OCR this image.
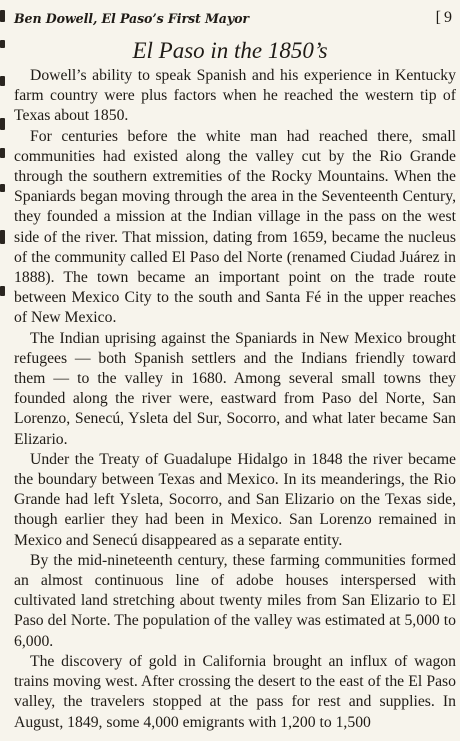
Ben Dowell, El Paso’s First Mayor	[ 9
El Paso in the 1850’s

Dowell’s ability to speak Spanish and his experience in Kentucky farm country were plus factors when he reached the western tip of Texas about 1850.

For centuries before the white man had reached there, small communities had existed along the valley cut by the Rio Grande through the southern extremities of the Rocky Mountains. When the Spaniards began moving through the area in the Seventeenth Century, they founded a mission at the Indian village in the pass on the west side of the river. That mission, dating from 1659, became the nucleus of the community called El Paso del Norte (renamed Ciudad Juárez in 1888). The town became an important point on the trade route between Mexico City to the south and Santa Fé in the upper reaches of New Mexico.

The Indian uprising against the Spaniards in New Mexico brought refugees — both Spanish settlers and the Indians friendly toward them — to the valley in 1680. Among several small towns they founded along the river were, eastward from Paso del Norte, San Lorenzo, Senecú, Ysleta del Sur, Socorro, and what later became San Elizario.

Under the Treaty of Guadalupe Hidalgo in 1848 the river became the boundary between Texas and Mexico. In its meanderings, the Rio Grande had left Ysleta, Socorro, and San Elizario on the Texas side, though earlier they had been in Mexico. San Lorenzo remained in Mexico and Senecú disappeared as a separate entity.

By the mid-nineteenth century, these farming communities formed an almost continuous line of adobe houses interspersed with cultivated land stretching about twenty miles from San Elizario to El Paso del Norte. The population of the valley was estimated at 5,000 to 6,000.

The discovery of gold in California brought an influx of wagon trains moving west. After crossing the desert to the east of the El Paso valley, the travelers stopped at the pass for rest and supplies. In August, 1849, some 4,000 emigrants with 1,200 to 1,500
